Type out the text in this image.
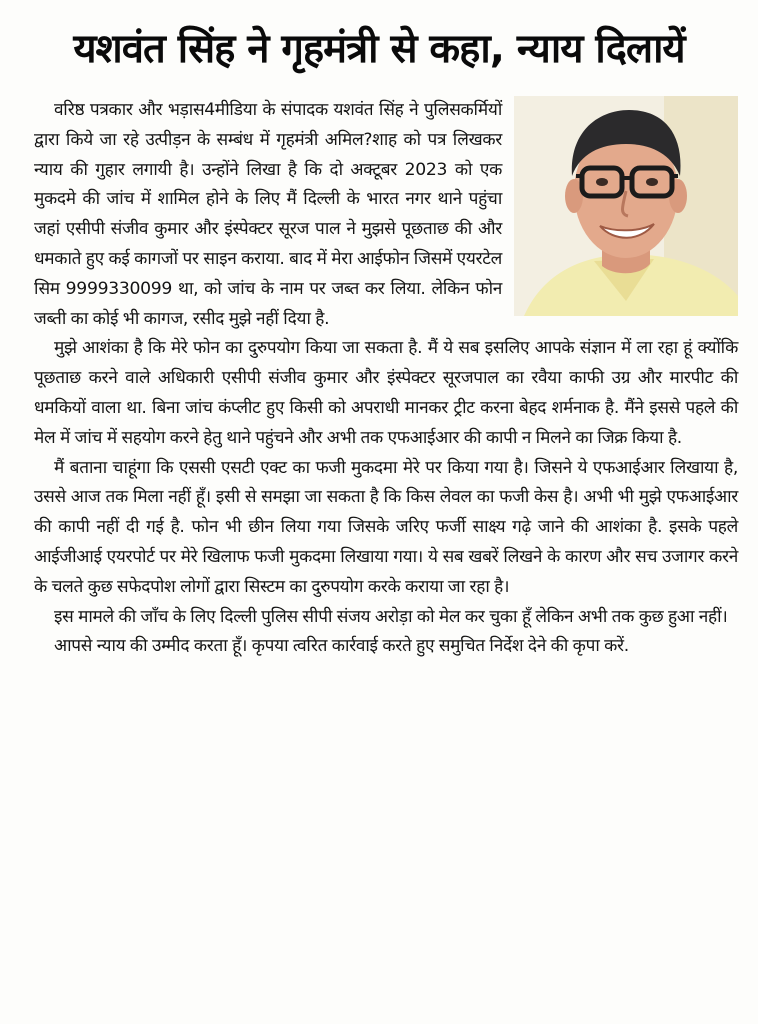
यशवंत सिंह ने गृहमंत्री से कहा, न्याय दिलायें

वरिष्ठ पत्रकार और भड़ास4मीडिया के संपादक यशवंत सिंह ने पुलिसकर्मियों द्वारा किये जा रहे उत्पीड़न के सम्बंध में गृहमंत्री अमिल?शाह को पत्र लिखकर न्याय की गुहार लगायी है। उन्होंने लिखा है कि दो अक्टूबर 2023 को एक मुकदमे की जांच में शामिल होने के लिए मैं दिल्ली के भारत नगर थाने पहुंचा जहां एसीपी संजीव कुमार और इंस्पेक्टर सूरज पाल ने मुझसे पूछताछ की और धमकाते हुए कई कागजों पर साइन कराया. बाद में मेरा आईफोन जिसमें एयरटेल सिम 9999330099 था, को जांच के नाम पर जब्त कर लिया. लेकिन फोन जब्ती का कोई भी कागज, रसीद मुझे नहीं दिया है.

मुझे आशंका है कि मेरे फोन का दुरुपयोग किया जा सकता है. मैं ये सब इसलिए आपके संज्ञान में ला रहा हूं क्योंकि पूछताछ करने वाले अधिकारी एसीपी संजीव कुमार और इंस्पेक्टर सूरजपाल का रवैया काफी उग्र और मारपीट की धमकियों वाला था. बिना जांच कंप्लीट हुए किसी को अपराधी मानकर ट्रीट करना बेहद शर्मनाक है. मैंने इससे पहले की मेल में जांच में सहयोग करने हेतु थाने पहुंचने और अभी तक एफआईआर की कापी न मिलने का जिक्र किया है.

मैं बताना चाहूंगा कि एससी एसटी एक्ट का फजी मुकदमा मेरे पर किया गया है। जिसने ये एफआईआर लिखाया है, उससे आज तक मिला नहीं हूँ। इसी से समझा जा सकता है कि किस लेवल का फजी केस है। अभी भी मुझे एफआईआर की कापी नहीं दी गई है. फोन भी छीन लिया गया जिसके जरिए फर्जी साक्ष्य गढ़े जाने की आशंका है. इसके पहले आईजीआई एयरपोर्ट पर मेरे खिलाफ फजी मुकदमा लिखाया गया। ये सब खबरें लिखने के कारण और सच उजागर करने के चलते कुछ सफेदपोश लोगों द्वारा सिस्टम का दुरुपयोग करके कराया जा रहा है।

इस मामले की जाँच के लिए दिल्ली पुलिस सीपी संजय अरोड़ा को मेल कर चुका हूँ लेकिन अभी तक कुछ हुआ नहीं।

आपसे न्याय की उम्मीद करता हूँ। कृपया त्वरित कार्रवाई करते हुए समुचित निर्देश देने की कृपा करें.
